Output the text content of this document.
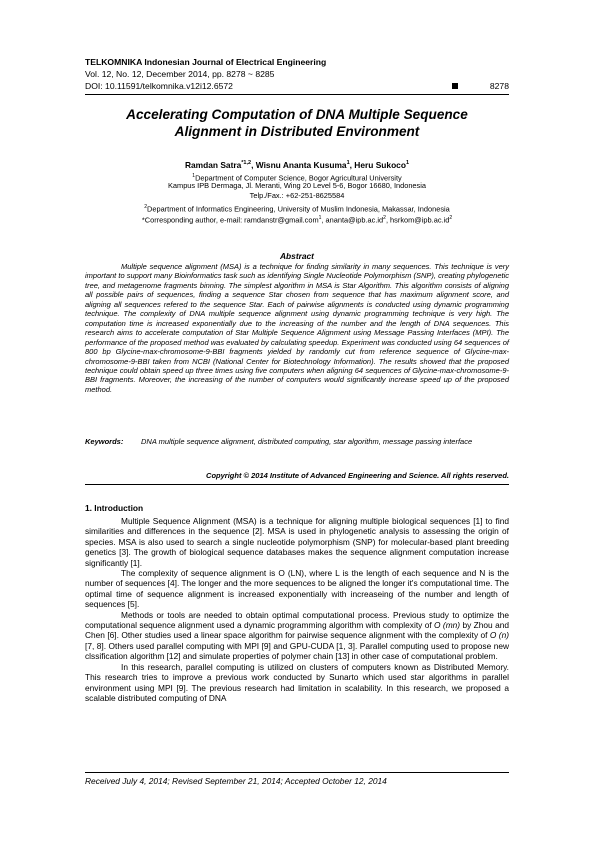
TELKOMNIKA Indonesian Journal of Electrical Engineering
Vol. 12, No. 12, December 2014, pp. 8278 ~ 8285
DOI: 10.11591/telkomnika.v12i12.6572	8278
Accelerating Computation of DNA Multiple Sequence
Alignment in Distributed Environment
Ramdan Satra$^{*1,2}$, Wisnu Ananta Kusuma$^1$, Heru Sukoco$^1$
$^1$Department of Computer Science, Bogor Agricultural University
Kampus IPB Dermaga, Jl. Meranti, Wing 20 Level 5-6, Bogor 16680, Indonesia
Telp./Fax.: +62-251-8625584
$^2$Department of Informatics Engineering, University of Muslim Indonesia, Makassar, Indonesia
*Corresponding author, e-mail: ramdanstr@gmail.com$^1$, $ananta@ipb.ac.id^2$, $hsrkom@ipb.ac.id^2$
Abstract
Multiple sequence alignment (MSA) is a technique for finding similarity in many sequences. This technique is very important to support many Bioinformatics task such as identifying Single Nucleotide Polymorphism (SNP), creating phylogenetic tree, and metagenome fragments binning. The simplest algorithm in MSA is Star Algorithm. This algorithm consists of aligning all possible pairs of sequences, finding a sequence Star chosen from sequence that has maximum alignment score, and aligning all sequences refered to the sequence Star. Each of pairwise alignments is conducted using dynamic programming technique. The complexity of DNA multiple sequence alignment using dynamic programming technique is very high. The computation time is increased exponentially due to the increasing of the number and the length of DNA sequences. This research aims to accelerate computation of Star Multiple Sequence Alignment using Message Passing Interfaces (MPI). The performance of the proposed method was evaluated by calculating speedup. Experiment was conducted using 64 sequences of 800 bp Glycine-max-chromosome-9-BBI fragments yielded by randomly cut from reference sequence of Glycine-max-chromosome-9-BBI taken from NCBI (National Center for Biotechnology Information). The results showed that the proposed technique could obtain speed up three times using five computers when aligning 64 sequences of Glycine-max-chromosome-9-BBI fragments. Moreover, the increasing of the number of computers would significantly increase speed up of the proposed method.
Keywords: DNA multiple sequence alignment, distributed computing, star algorithm, message passing interface
Copyright © 2014 Institute of Advanced Engineering and Science. All rights reserved.
1. Introduction

Multiple Sequence Alignment (MSA) is a technique for aligning multiple biological sequences [1] to find similarities and differences in the sequence [2]. MSA is used in phylogenetic analysis to assessing the origin of species. MSA is also used to search a single nucleotide polymorphism (SNP) for molecular-based plant breeding genetics [3]. The growth of biological sequence databases makes the sequence alignment computation increase significantly [1].

The complexity of sequence alignment is O (LN), where L is the length of each sequence and N is the number of sequences [4]. The longer and the more sequences to be aligned the longer it's computational time. The optimal time of sequence alignment is increased exponentially with increaseing of the number and length of sequences [5].

Methods or tools are needed to obtain optimal computational process. Previous study to optimize the computational sequence alignment used a dynamic programming algorithm with complexity of O (mn) by Zhou and Chen [6]. Other studies used a linear space algorithm for pairwise sequence alignment with the complexity of O (n) [7, 8]. Others used parallel computing with MPI [9] and GPU-CUDA [1, 3]. Parallel computing used to propose new clssification algorithm [12] and simulate properties of polymer chain [13] in other case of computational problem.

In this research, parallel computing is utilized on clusters of computers known as Distributed Memory. This research tries to improve a previous work conducted by Sunarto which used star algorithms in parallel environment using MPI [9]. The previous research had limitation in scalability. In this research, we proposed a scalable distributed computing of DNA

Received July 4, 2014; Revised September 21, 2014; Accepted October 12, 2014
